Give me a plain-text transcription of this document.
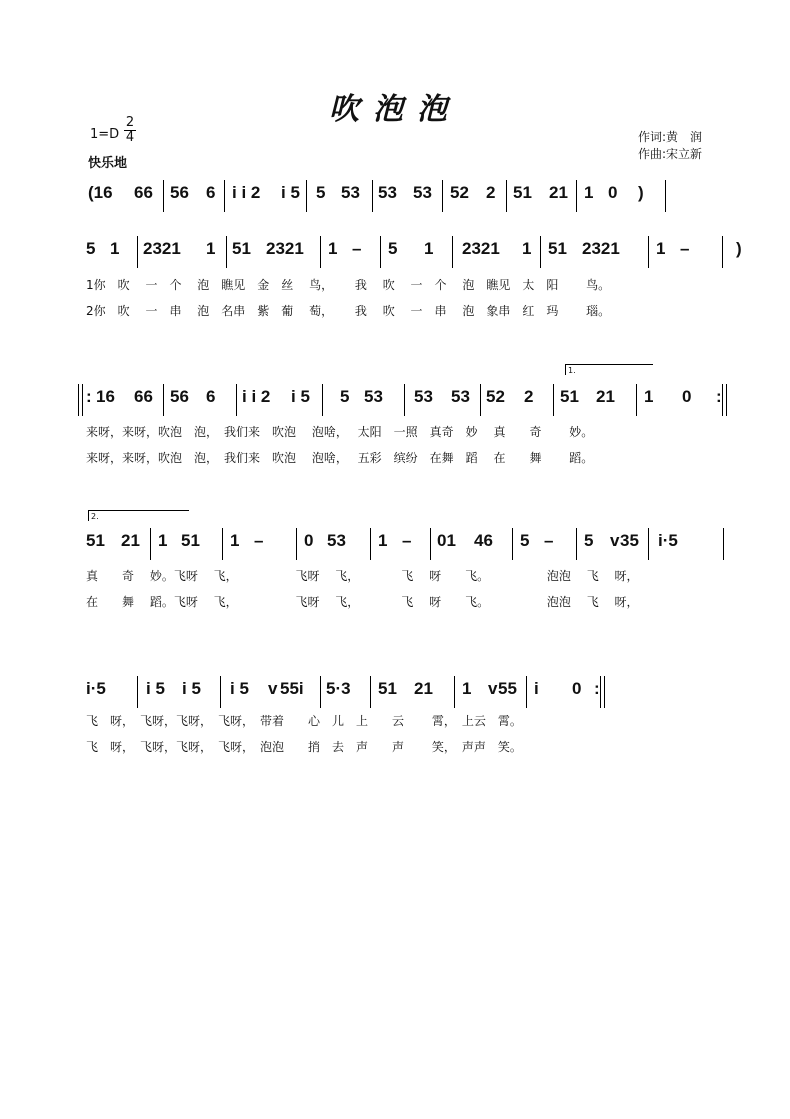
吹泡泡
1=D
2
4
快乐地
作词:黄　润
作曲:宋立新
1.
2.
(16 66 56 6 i i 2 i 5 5 53 53 53 52 2 51 21 1 0 )
5 1 2321 1 51 2321 1 – 5 1 2321 1 51 2321 1 –	)
: 16 66 56 6 i i 2 i 5 5 53 53 53 52 2 51 21 1 0 :
51 21 1 51 1 – 0 53 1 – 01 46 5 – 5 v 35 i·5
i·5 i 5 i 5 i 5 v 55i 5·3 51 21 1 v 55 i 0 :
1你　吹　 一　个　 泡　瞧见　金　丝　 鸟，　　 我　 吹　 一　个　 泡　瞧见　太　阳　　 鸟。
2你　吹　 一　串　 泡　名串　紫　葡　 萄，　　 我　 吹　 一　串　 泡　象串　红　玛　　 瑙。
来呀，来呀，吹泡　泡，　我们来　吹泡　 泡啥，　 太阳　一照　真奇　妙　 真　　奇　　 妙。
来呀，来呀，吹泡　泡，　我们来　吹泡　 泡啥，　 五彩　缤纷　在舞　蹈　 在　　舞　　 蹈。
真　　奇　 妙。飞呀　 飞，　　　　　 飞呀　 飞，　　　　飞　 呀　　飞。　　　　　 泡泡　 飞　 呀，
在　　舞　 蹈。飞呀　 飞，　　　　　 飞呀　 飞，　　　　飞　 呀　　飞。　　　　　 泡泡　 飞　 呀，
飞　呀，　飞呀，飞呀，　飞呀，　带着　　心　儿　上　　云　　 霄，　上云　霄。
飞　呀，　飞呀，飞呀，　飞呀，　泡泡　　捎　去　声　　声　　 笑，　声声　笑。
